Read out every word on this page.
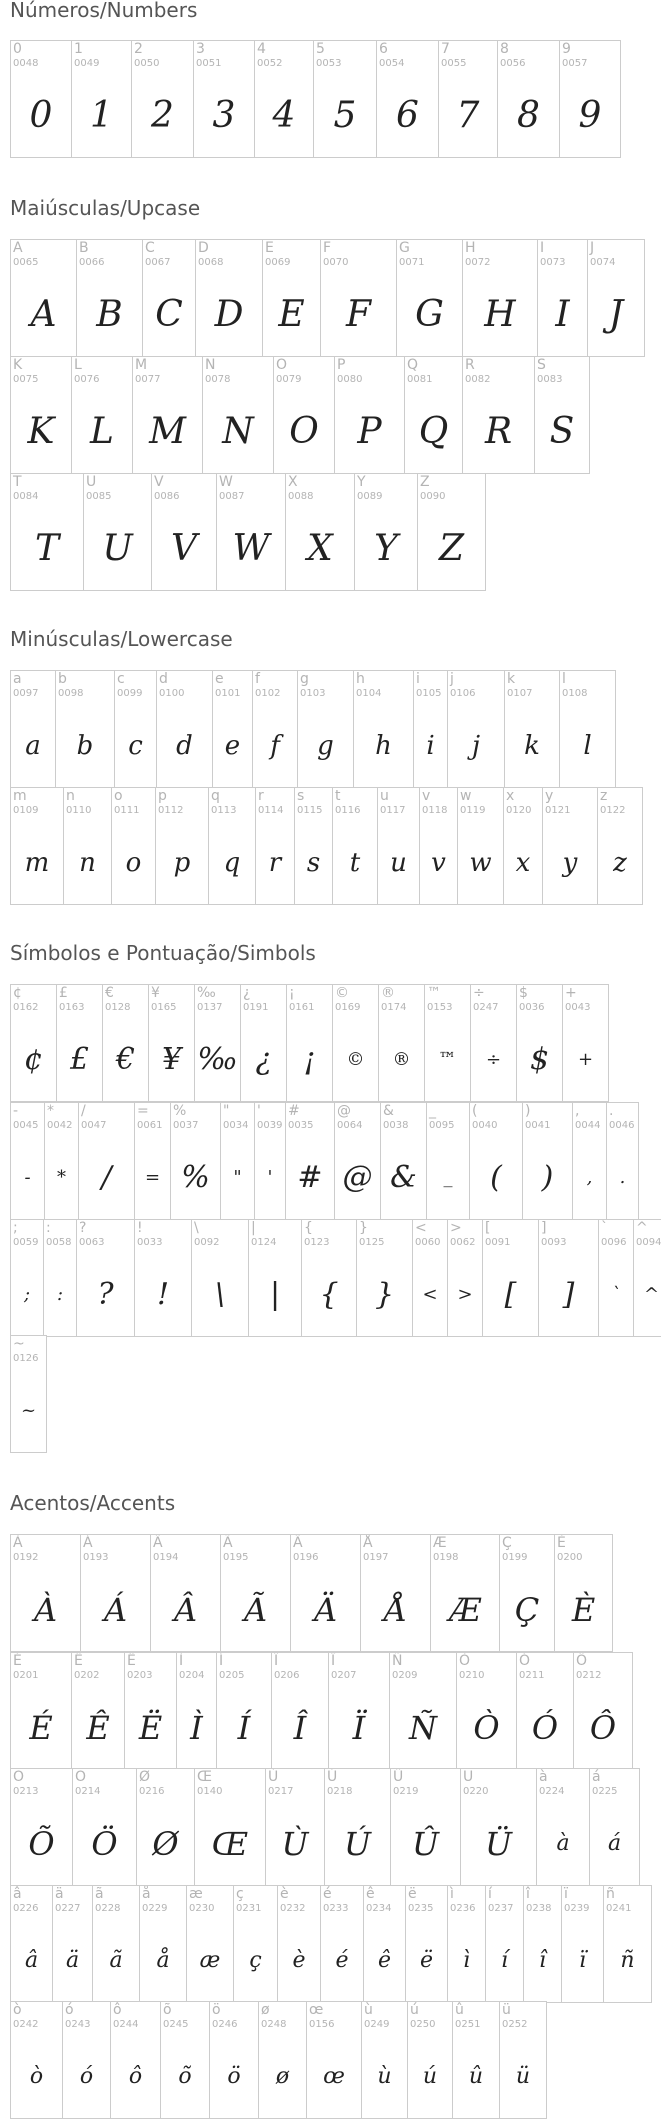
Números/Numbers
0
0048
0
1
0049
1
2
0050
2
3
0051
3
4
0052
4
5
0053
5
6
0054
6
7
0055
7
8
0056
8
9
0057
9
Maiúsculas/Upcase
A
0065
A
B
0066
B
C
0067
C
D
0068
D
E
0069
E
F
0070
F
G
0071
G
H
0072
H
I
0073
I
J
0074
J
K
0075
K
L
0076
L
M
0077
M
N
0078
N
O
0079
O
P
0080
P
Q
0081
Q
R
0082
R
S
0083
S
T
0084
T
U
0085
U
V
0086
V
W
0087
W
X
0088
X
Y
0089
Y
Z
0090
Z
Minúsculas/Lowercase
a
0097
a
b
0098
b
c
0099
c
d
0100
d
e
0101
e
f
0102
f
g
0103
g
h
0104
h
i
0105
i
j
0106
j
k
0107
k
l
0108
l
m
0109
m
n
0110
n
o
0111
o
p
0112
p
q
0113
q
r
0114
r
s
0115
s
t
0116
t
u
0117
u
v
0118
v
w
0119
w
x
0120
x
y
0121
y
z
0122
z
Símbolos e Pontuação/Simbols
¢
0162
¢
£
0163
£
€
0128
€
¥
0165
¥
‰
0137
‰
¿
0191
¿
¡
0161
¡
©
0169
©
®
0174
®
™
0153
™
÷
0247
÷
$
0036
$
+
0043
+
-
0045
-
*
0042
*
/
0047
/
=
0061
=
%
0037
%
"
0034
"
'
0039
'
#
0035
#
@
0064
@
&
0038
&
_
0095
_
(
0040
(
)
0041
)
,
0044
,
.
0046
.
;
0059
;
:
0058
:
?
0063
?
!
0033
!
\
0092
\
|
0124
|
{
0123
{
}
0125
}
<
0060
<
>
0062
>
[
0091
[
]
0093
]
`
0096
`
^
0094
^
~
0126
~
Acentos/Accents
À
0192
À
Á
0193
Á
Â
0194
Â
Ã
0195
Ã
Ä
0196
Ä
Å
0197
Å
Æ
0198
Æ
Ç
0199
Ç
È
0200
È
É
0201
É
Ê
0202
Ê
Ë
0203
Ë
Ì
0204
Ì
Í
0205
Í
Î
0206
Î
Ï
0207
Ï
Ñ
0209
Ñ
Ò
0210
Ò
Ó
0211
Ó
Ô
0212
Ô
Õ
0213
Õ
Ö
0214
Ö
Ø
0216
Ø
Œ
0140
Œ
Ù
0217
Ù
Ú
0218
Ú
Û
0219
Û
Ü
0220
Ü
à
0224
à
á
0225
á
â
0226
â
ä
0227
ä
ã
0228
ã
å
0229
å
æ
0230
æ
ç
0231
ç
è
0232
è
é
0233
é
ê
0234
ê
ë
0235
ë
ì
0236
ì
í
0237
í
î
0238
î
ï
0239
ï
ñ
0241
ñ
ò
0242
ò
ó
0243
ó
ô
0244
ô
õ
0245
õ
ö
0246
ö
ø
0248
ø
œ
0156
œ
ù
0249
ù
ú
0250
ú
û
0251
û
ü
0252
ü
